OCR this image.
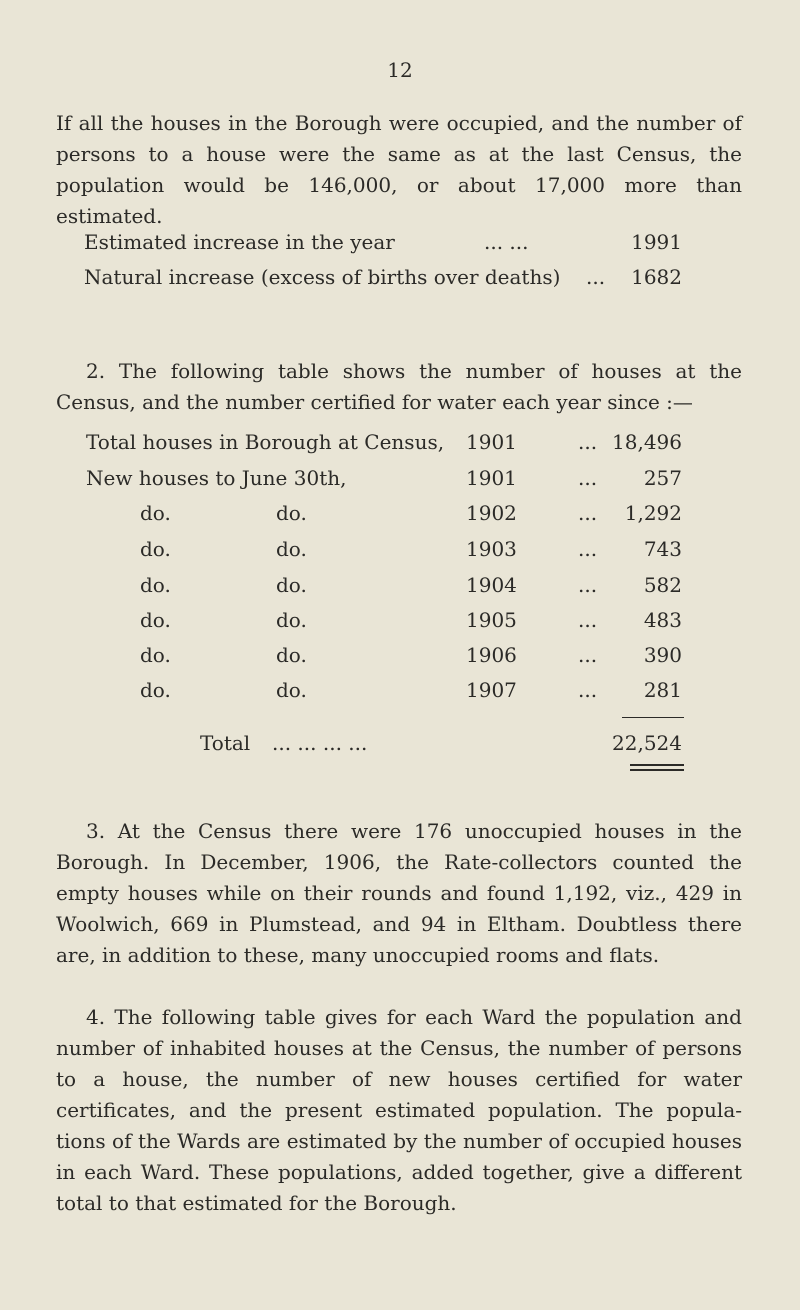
12

If all the houses in the Borough were occupied, and the number of persons to a house were the same as at the last Census, the population would be 146,000, or about 17,000 more than estimated.

Estimated increase in the year	... ...	1991
Natural increase (excess of births over deaths) ...	1682

2. The following table shows the number of houses at the Census, and the number certified for water each year since :—

Total houses in Borough at Census, 1901	... 18,496
New houses to June 30th,	1901	...	257
do.	do.	1902	...	1,292
do.	do.	1903	...	743
do.	do.	1904	...	582
do.	do.	1905	...	483
do.	do.	1906	...	390
do.	do.	1907	...	281
Total ... ... ... ...	22,524

3. At the Census there were 176 unoccupied houses in the Borough. In December, 1906, the Rate-collectors counted the empty houses while on their rounds and found 1,192, viz., 429 in Woolwich, 669 in Plumstead, and 94 in Eltham. Doubtless there are, in addition to these, many unoccupied rooms and flats.

4. The following table gives for each Ward the population and number of inhabited houses at the Census, the number of persons to a house, the number of new houses certified for water certificates, and the present estimated population. The popula- tions of the Wards are estimated by the number of occupied houses in each Ward. These populations, added together, give a different total to that estimated for the Borough.
